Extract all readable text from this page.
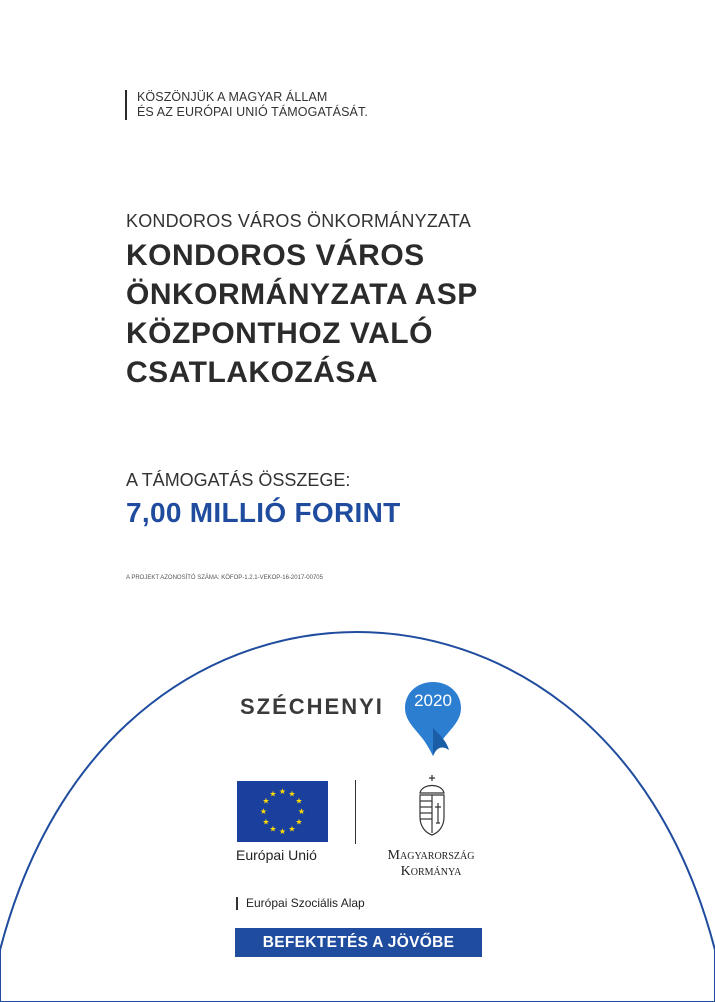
KÖSZÖNJÜK A MAGYAR ÁLLAM
ÉS AZ EURÓPAI UNIÓ TÁMOGATÁSÁT.
KONDOROS VÁROS ÖNKORMÁNYZATA
KONDOROS VÁROS
ÖNKORMÁNYZATA ASP
KÖZPONTHOZ VALÓ
CSATLAKOZÁSA
A TÁMOGATÁS ÖSSZEGE:
7,00 MILLIÓ FORINT
A PROJEKT AZONOSÍTÓ SZÁMA: KÖFOP-1.2.1-VEKOP-16-2017-00705
SZÉCHENYI	2020
★ ★
★
★
★
★
★
★
★
★
★
★
Európai Unió	Magyarország
Kormánya
Európai Szociális Alap
BEFEKTETÉS A JÖVŐBE
